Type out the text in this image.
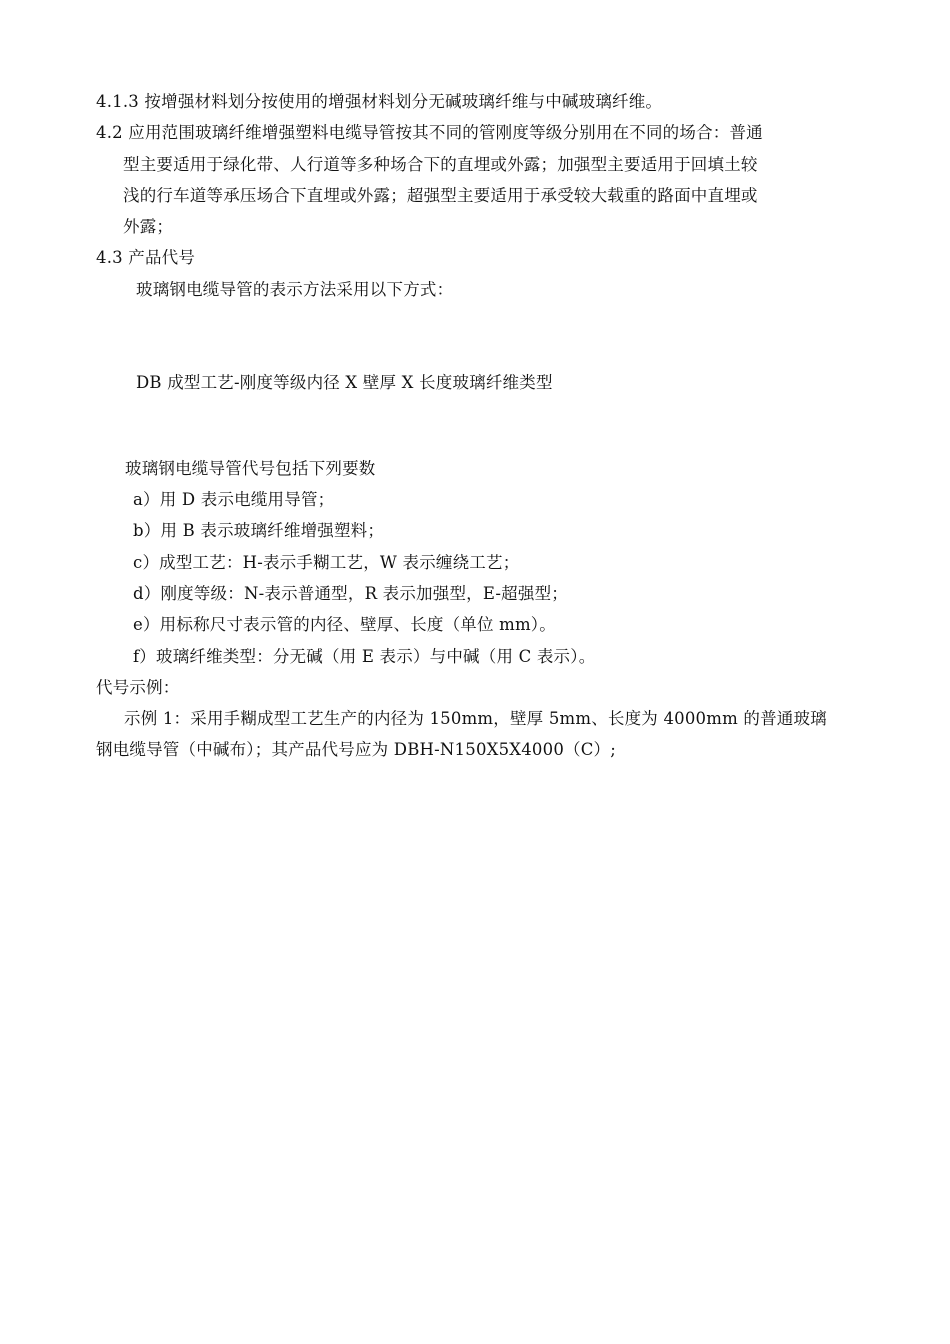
4.1.3 按增强材料划分按使用的增强材料划分无碱玻璃纤维与中碱玻璃纤维。
4.2 应用范围玻璃纤维增强塑料电缆导管按其不同的管刚度等级分别用在不同的场合：普通
型主要适用于绿化带、人行道等多种场合下的直埋或外露；加强型主要适用于回填土较
浅的行车道等承压场合下直埋或外露；超强型主要适用于承受较大载重的路面中直埋或
外露；
4.3 产品代号
玻璃钢电缆导管的表示方法采用以下方式：
DB 成型工艺-刚度等级内径 X 壁厚 X 长度玻璃纤维类型
玻璃钢电缆导管代号包括下列要数
a）用 D 表示电缆用导管；
b）用 B 表示玻璃纤维增强塑料；
c）成型工艺：H-表示手糊工艺，W 表示缠绕工艺；
d）刚度等级：N-表示普通型，R 表示加强型，E-超强型；
e）用标称尺寸表示管的内径、壁厚、长度（单位 mm）。
f）玻璃纤维类型：分无碱（用 E 表示）与中碱（用 C 表示）。
代号示例：
示例 1：采用手糊成型工艺生产的内径为 150mm，壁厚 5mm、长度为 4000mm 的普通玻璃
钢电缆导管（中碱布）；其产品代号应为 DBH-N150X5X4000（C）;
